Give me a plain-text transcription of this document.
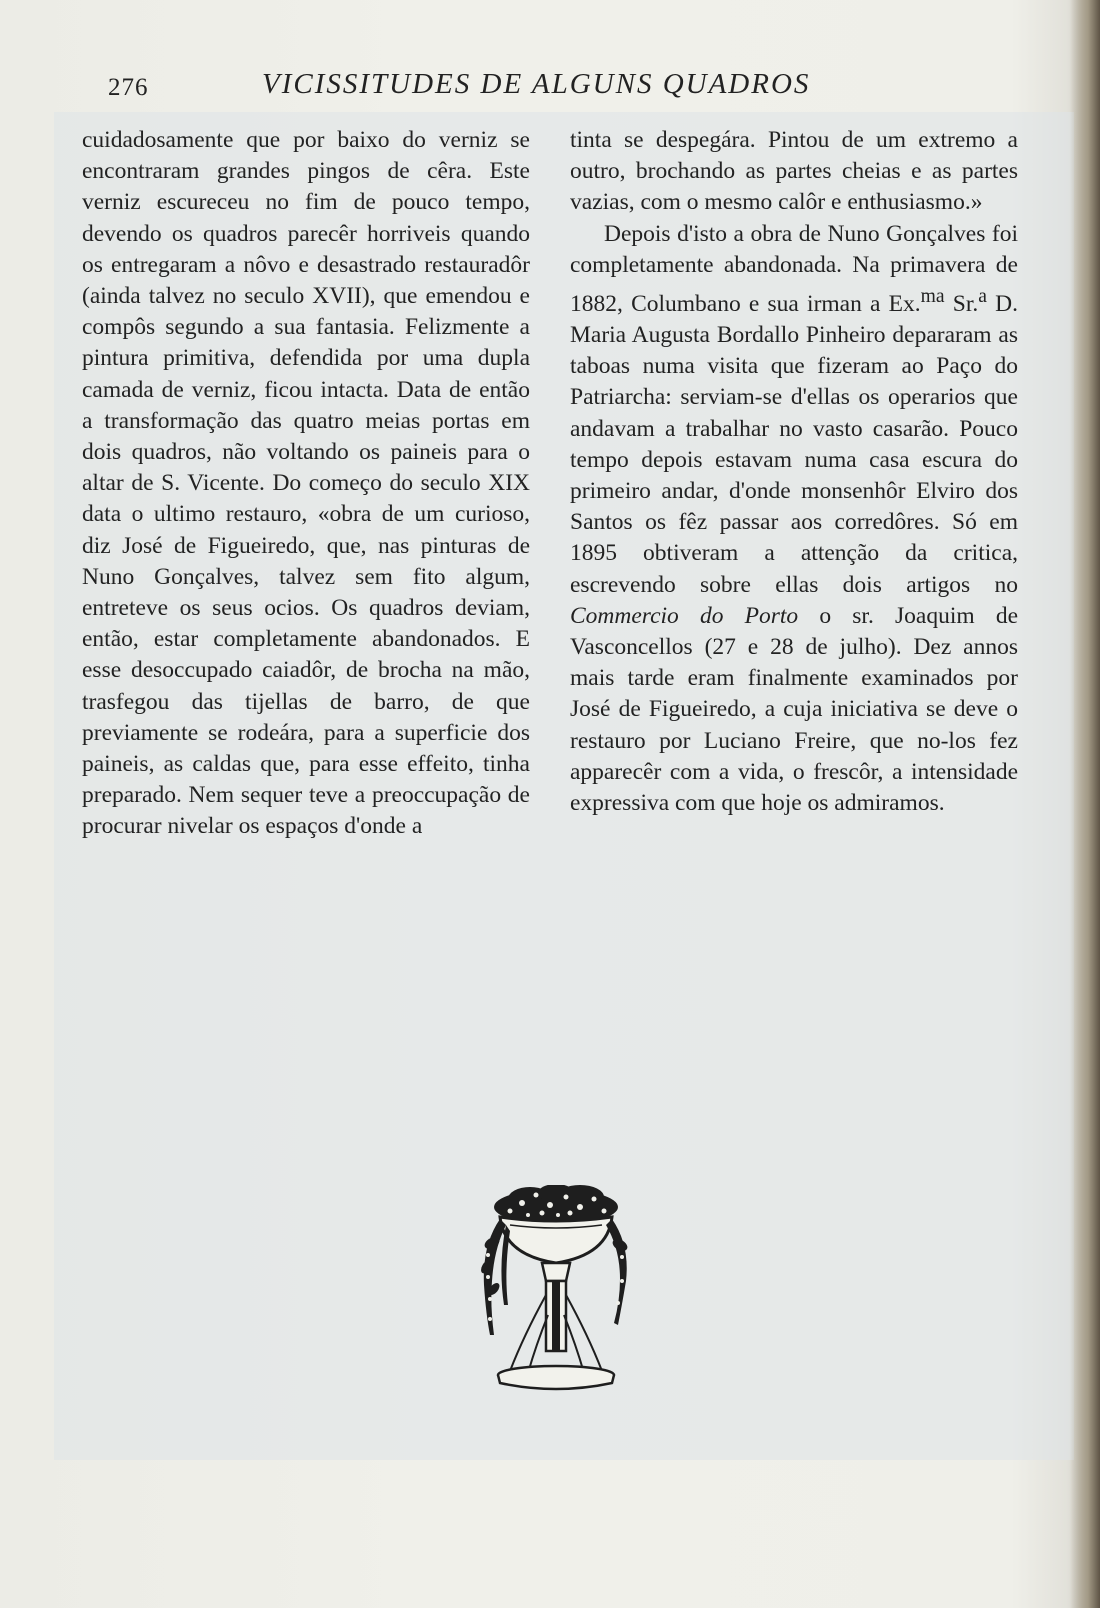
276	VICISSITUDES DE ALGUNS QUADROS

cuidadosamente que por baixo do verniz se encontraram grandes pingos de cêra. Este verniz escureceu no fim de pouco tempo, devendo os quadros parecêr horriveis quando os entregaram a nôvo e desastrado restauradôr (ainda talvez no seculo XVII), que emendou e compôs segundo a sua fantasia. Felizmente a pintura primitiva, defendida por uma dupla camada de verniz, ficou intacta. Data de então a transformação das quatro meias portas em dois quadros, não voltando os paineis para o altar de S. Vicente. Do começo do seculo XIX data o ultimo restauro, «obra de um curioso, diz José de Figueiredo, que, nas pinturas de Nuno Gonçalves, talvez sem fito algum, entreteve os seus ocios. Os quadros deviam, então, estar completamente abandonados. E esse desoccupado caiadôr, de brocha na mão, trasfegou das tijellas de barro, de que previamente se rodeára, para a superficie dos paineis, as caldas que, para esse effeito, tinha preparado. Nem sequer teve a preoccupação de procurar nivelar os espaços d'onde a

tinta se despegára. Pintou de um extremo a outro, brochando as partes cheias e as partes vazias, com o mesmo calôr e enthusiasmo.»

Depois d'isto a obra de Nuno Gonçalves foi completamente abandonada. Na primavera de 1882, Columbano e sua irman a Ex.$^{ma}$ Sr.$^a$ D. Maria Augusta Bordallo Pinheiro depararam as taboas numa visita que fizeram ao Paço do Patriarcha: serviam-se d'ellas os operarios que andavam a trabalhar no vasto casarão. Pouco tempo depois estavam numa casa escura do primeiro andar, d'onde monsenhôr Elviro dos Santos os fêz passar aos corredôres. Só em 1895 obtiveram a attenção da critica, escrevendo sobre ellas dois artigos no Commercio do Porto o sr. Joaquim de Vasconcellos (27 e 28 de julho). Dez annos mais tarde eram finalmente examinados por José de Figueiredo, a cuja iniciativa se deve o restauro por Luciano Freire, que no-los fez apparecêr com a vida, o frescôr, a intensidade expressiva com que hoje os admiramos.
